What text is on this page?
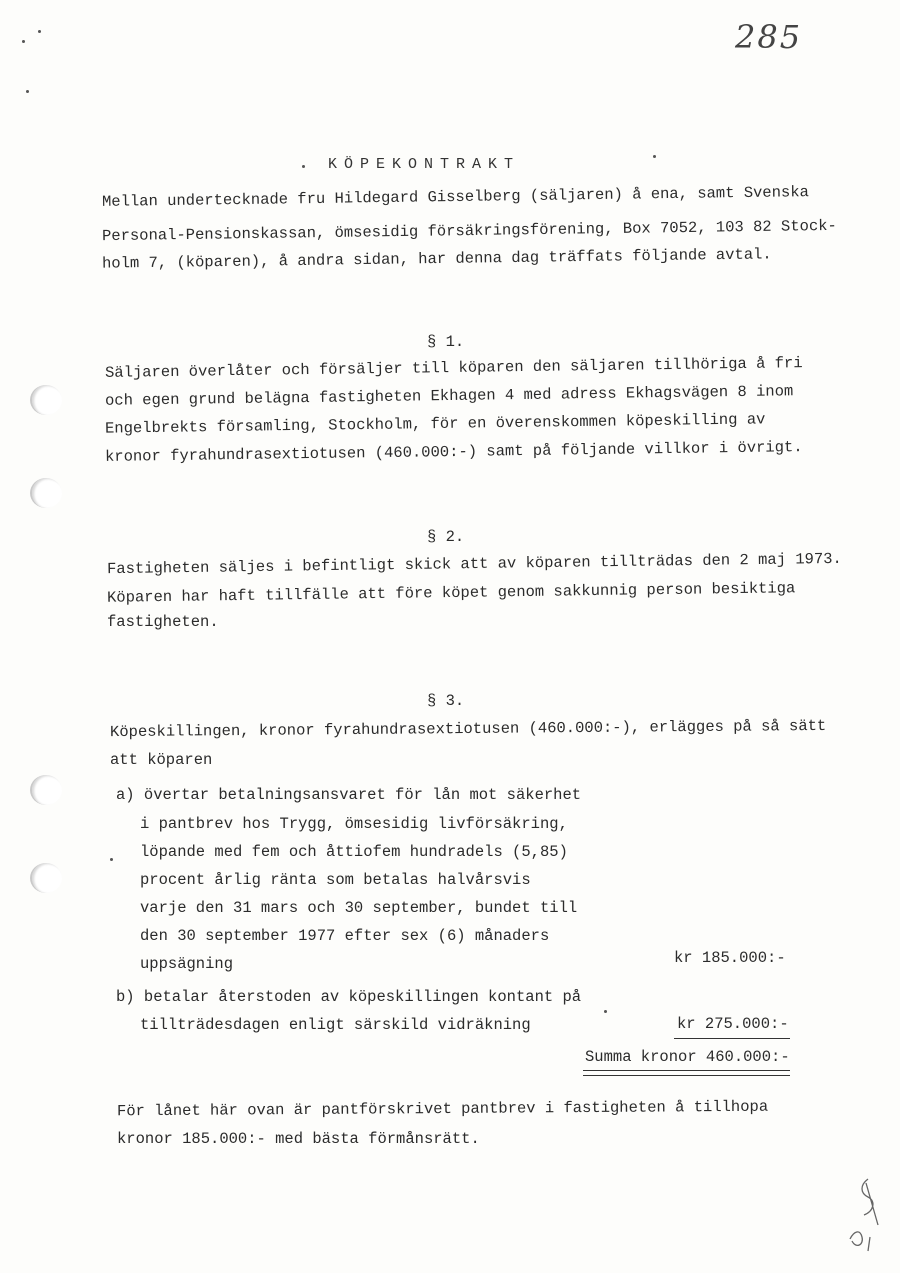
285
KÖPEKONTRAKT
Mellan undertecknade fru Hildegard Gisselberg (säljaren) å ena, samt Svenska
Personal-Pensionskassan, ömsesidig försäkringsförening, Box 7052, 103 82 Stock-
holm 7, (köparen), å andra sidan, har denna dag träffats följande avtal.
§ 1.
Säljaren överlåter och försäljer till köparen den säljaren tillhöriga å fri
och egen grund belägna fastigheten Ekhagen 4 med adress Ekhagsvägen 8 inom
Engelbrekts församling, Stockholm, för en överenskommen köpeskilling av
kronor fyrahundrasextiotusen (460.000:-) samt på följande villkor i övrigt.
§ 2.
Fastigheten säljes i befintligt skick att av köparen tillträdas den 2 maj 1973.
Köparen har haft tillfälle att före köpet genom sakkunnig person besiktiga
fastigheten.
§ 3.
Köpeskillingen, kronor fyrahundrasextiotusen (460.000:-), erlägges på så sätt
att köparen
a) övertar betalningsansvaret för lån mot säkerhet
i pantbrev hos Trygg, ömsesidig livförsäkring,
löpande med fem och åttiofem hundradels (5,85)
procent årlig ränta som betalas halvårsvis
varje den 31 mars och 30 september, bundet till
den 30 september 1977 efter sex (6) månaders
uppsägning	kr 185.000:-
b) betalar återstoden av köpeskillingen kontant på
tillträdesdagen enligt särskild vidräkning	kr 275.000:-
Summa kronor 460.000:-
För lånet här ovan är pantförskrivet pantbrev i fastigheten å tillhopa
kronor 185.000:- med bästa förmånsrätt.
